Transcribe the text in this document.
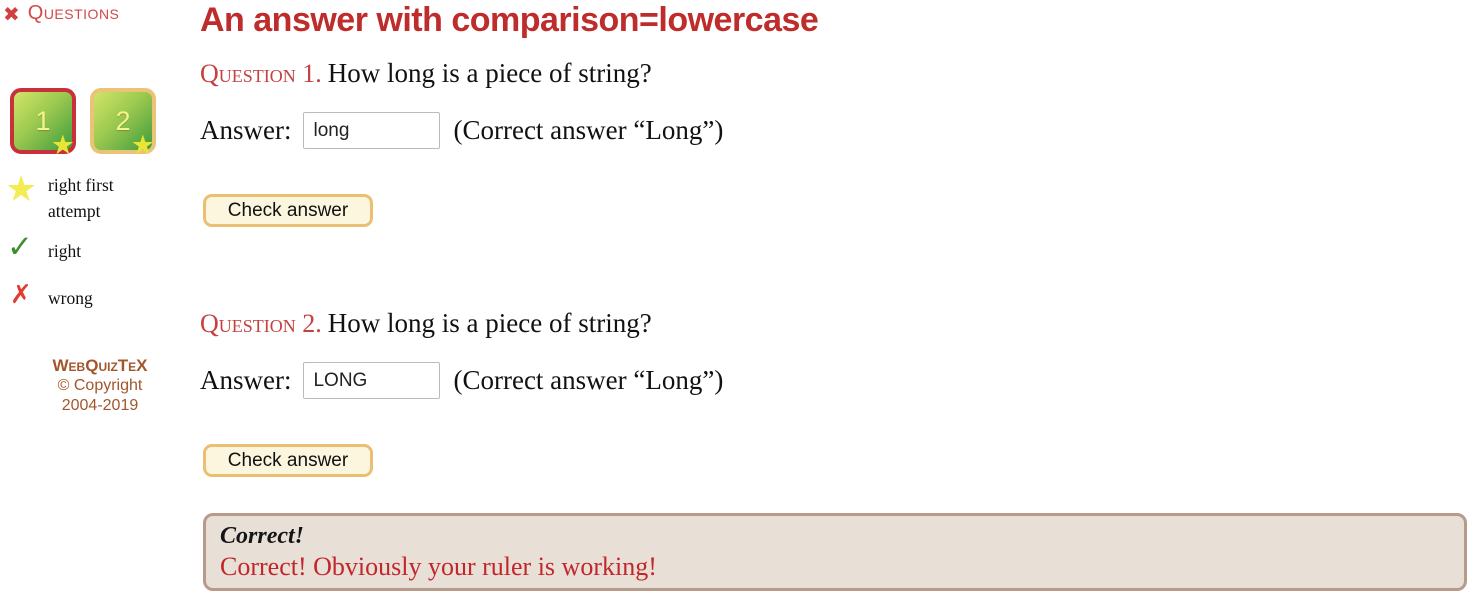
✖ Questions
1
★
2
★
★ right first attempt
✓ right
✗ wrong
WebQuizTeX
© Copyright
2004-2019
An answer with comparison=lowercase
Question 1. How long is a piece of string?
Answer:
long	(Correct answer “Long”)
Check answer
Question 2. How long is a piece of string?
Answer:
LONG	(Correct answer “Long”)
Check answer
Correct!
Correct! Obviously your ruler is working!
